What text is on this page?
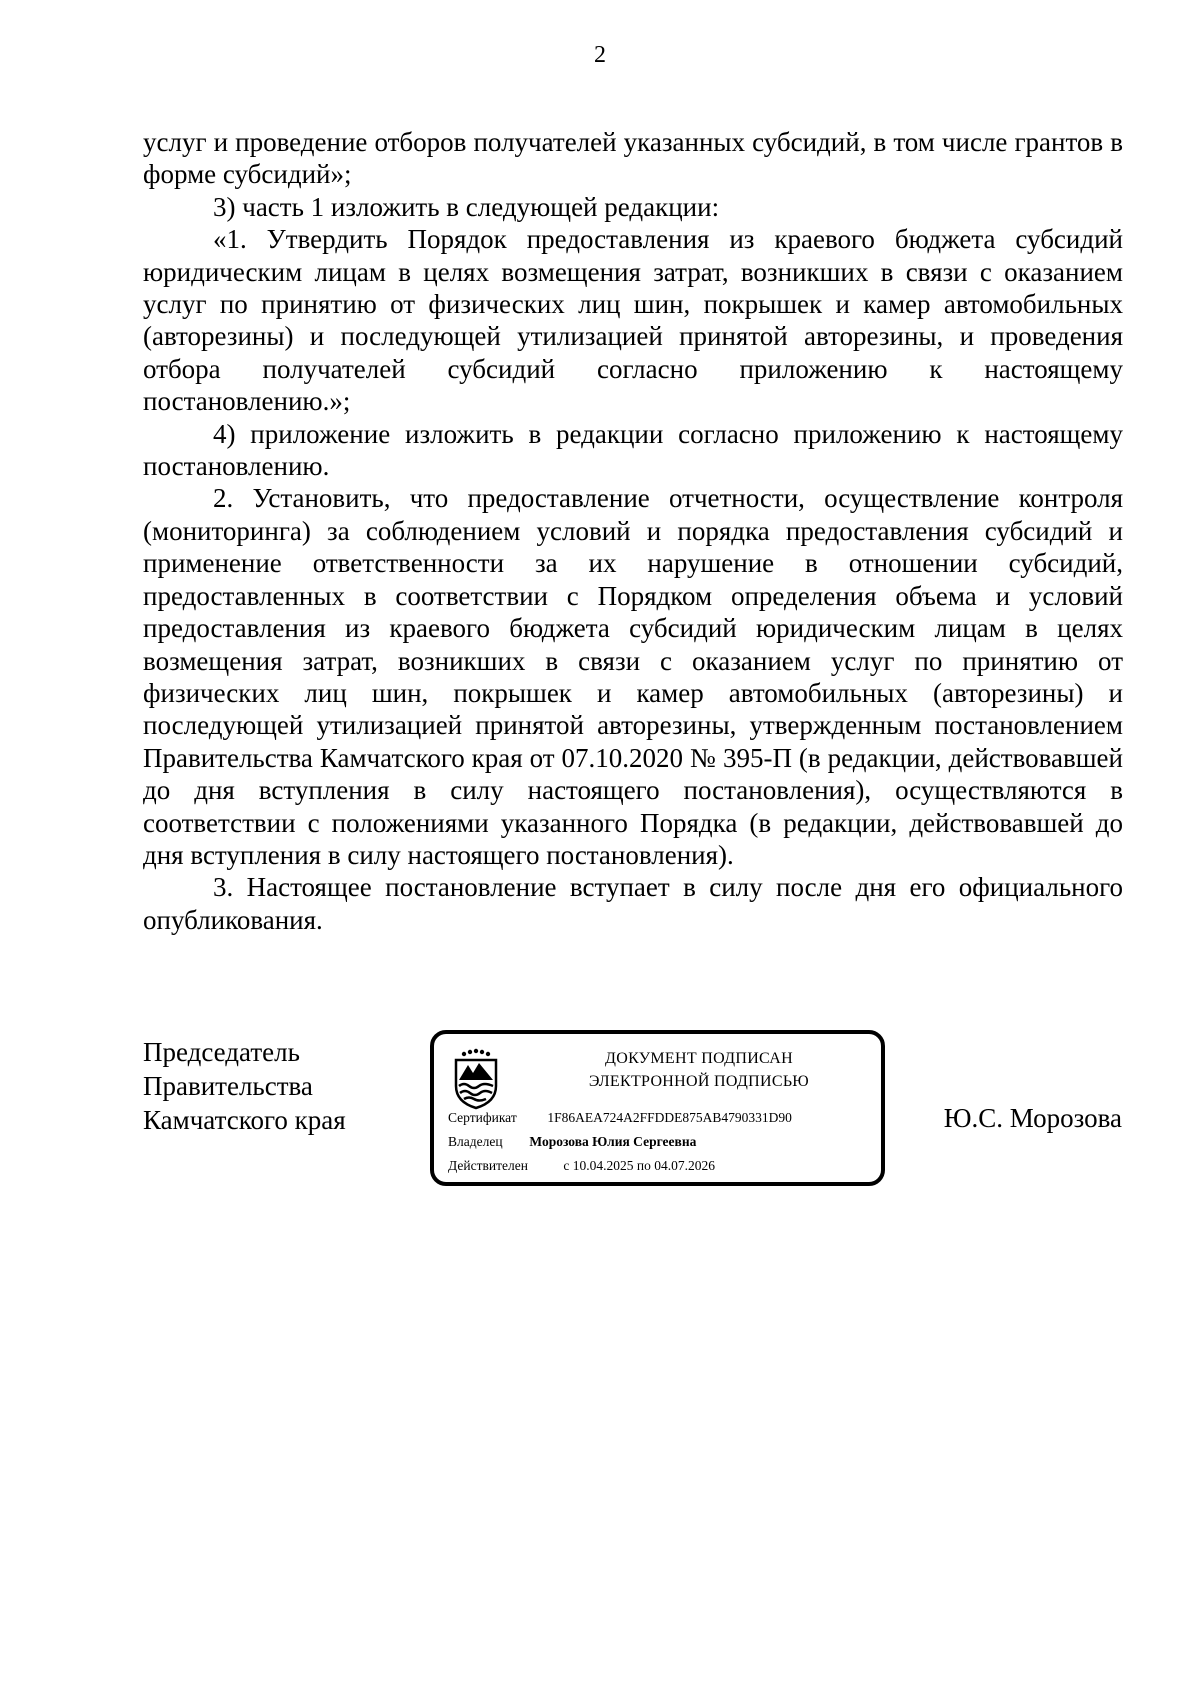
2

услуг и проведение отборов получателей указанных субсидий, в том числе грантов в форме субсидий»;

3) часть 1 изложить в следующей редакции:

«1. Утвердить Порядок предоставления из краевого бюджета субсидий юридическим лицам в целях возмещения затрат, возникших в связи с оказанием услуг по принятию от физических лиц шин, покрышек и камер автомобильных (авторезины) и последующей утилизацией принятой авторезины, и проведения отбора получателей субсидий согласно приложению к настоящему постановлению.»;

4) приложение изложить в редакции согласно приложению к настоящему постановлению.

2. Установить, что предоставление отчетности, осуществление контроля (мониторинга) за соблюдением условий и порядка предоставления субсидий и применение ответственности за их нарушение в отношении субсидий, предоставленных в соответствии с Порядком определения объема и условий предоставления из краевого бюджета субсидий юридическим лицам в целях возмещения затрат, возникших в связи с оказанием услуг по принятию от физических лиц шин, покрышек и камер автомобильных (авторезины) и последующей утилизацией принятой авторезины, утвержденным постановлением Правительства Камчатского края от 07.10.2020 № 395-П (в редакции, действовавшей до дня вступления в силу настоящего постановления), осуществляются в соответствии с положениями указанного Порядка (в редакции, действовавшей до дня вступления в силу настоящего постановления).

3. Настоящее постановление вступает в силу после дня его официального опубликования.

Председатель
Правительства
Камчатского края
ДОКУМЕНТ ПОДПИСАН
ЭЛЕКТРОННОЙ ПОДПИСЬЮ
Сертификат 1F86AEA724A2FFDDE875AB4790331D90
Владелец Морозова Юлия Сергеевна
Действителен	с 10.04.2025 по 04.07.2026
Ю.С. Морозова
